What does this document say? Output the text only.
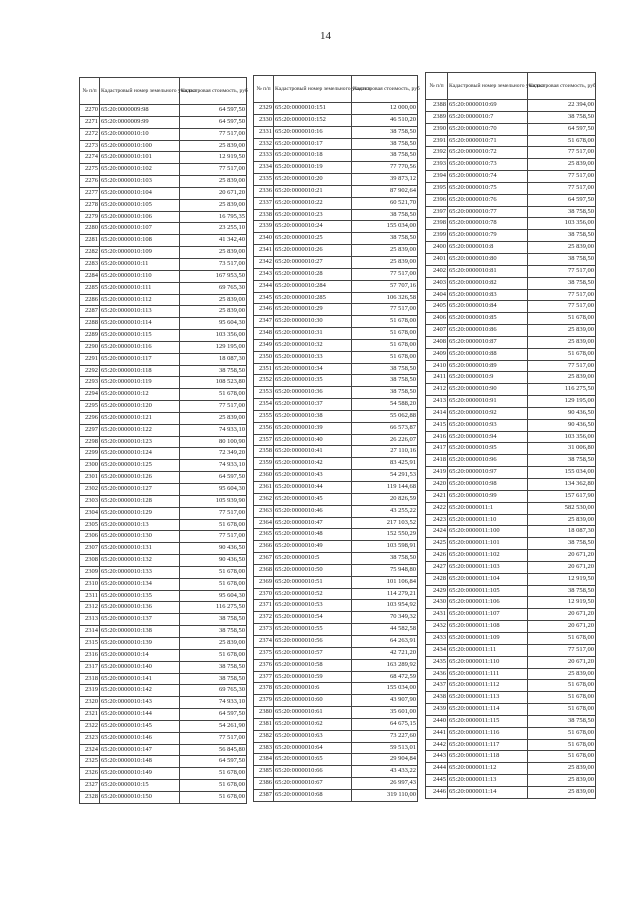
14
№ п/п	Кадастровый номер земельного участка	Кадастровая стоимость, руб
2270	65:20:0000009:98	64 597,50
2271	65:20:0000009:99	64 597,50
2272	65:20:0000010:10	77 517,00
2273	65:20:0000010:100	25 839,00
2274	65:20:0000010:101	12 919,50
2275	65:20:0000010:102	77 517,00
2276	65:20:0000010:103	25 839,00
2277	65:20:0000010:104	20 671,20
2278	65:20:0000010:105	25 839,00
2279	65:20:0000010:106	16 795,35
2280	65:20:0000010:107	23 255,10
2281	65:20:0000010:108	41 342,40
2282	65:20:0000010:109	25 839,00
2283	65:20:0000010:11	73 517,00
2284	65:20:0000010:110	167 953,50
2285	65:20:0000010:111	69 765,30
2286	65:20:0000010:112	25 839,00
2287	65:20:0000010:113	25 839,00
2288	65:20:0000010:114	95 604,30
2289	65:20:0000010:115	103 356,00
2290	65:20:0000010:116	129 195,00
2291	65:20:0000010:117	18 087,30
2292	65:20:0000010:118	38 758,50
2293	65:20:0000010:119	108 523,80
2294	65:20:0000010:12	51 678,00
2295	65:20:0000010:120	77 517,00
2296	65:20:0000010:121	25 839,00
2297	65:20:0000010:122	74 933,10
2298	65:20:0000010:123	80 100,90
2299	65:20:0000010:124	72 349,20
2300	65:20:0000010:125	74 933,10
2301	65:20:0000010:126	64 597,50
2302	65:20:0000010:127	95 604,30
2303	65:20:0000010:128	105 939,90
2304	65:20:0000010:129	77 517,00
2305	65:20:0000010:13	51 678,00
2306	65:20:0000010:130	77 517,00
2307	65:20:0000010:131	90 436,50
2308	65:20:0000010:132	90 436,50
2309	65:20:0000010:133	51 678,00
2310	65:20:0000010:134	51 678,00
2311	65:20:0000010:135	95 604,30
2312	65:20:0000010:136	116 275,50
2313	65:20:0000010:137	38 758,50
2314	65:20:0000010:138	38 758,50
2315	65:20:0000010:139	25 839,00
2316	65:20:0000010:14	51 678,00
2317	65:20:0000010:140	38 758,50
2318	65:20:0000010:141	38 758,50
2319	65:20:0000010:142	69 765,30
2320	65:20:0000010:143	74 933,10
2321	65:20:0000010:144	64 597,50
2322	65:20:0000010:145	54 261,90
2323	65:20:0000010:146	77 517,00
2324	65:20:0000010:147	56 845,80
2325	65:20:0000010:148	64 597,50
2326	65:20:0000010:149	51 678,00
2327	65:20:0000010:15	51 678,00
2328	65:20:0000010:150	51 678,00
№ п/п	Кадастровый номер земельного участка	Кадастровая стоимость, руб
2329	65:20:0000010:151	12 000,00
2330	65:20:0000010:152	46 510,20
2331	65:20:0000010:16	38 758,50
2332	65:20:0000010:17	38 758,50
2333	65:20:0000010:18	38 758,50
2334	65:20:0000010:19	77 770,56
2335	65:20:0000010:20	39 873,12
2336	65:20:0000010:21	87 902,64
2337	65:20:0000010:22	60 521,70
2338	65:20:0000010:23	38 758,50
2339	65:20:0000010:24	155 034,00
2340	65:20:0000010:25	38 758,50
2341	65:20:0000010:26	25 839,00
2342	65:20:0000010:27	25 839,00
2343	65:20:0000010:28	77 517,00
2344	65:20:0000010:284	57 707,16
2345	65:20:0000010:285	106 326,58
2346	65:20:0000010:29	77 517,00
2347	65:20:0000010:30	51 678,00
2348	65:20:0000010:31	51 678,00
2349	65:20:0000010:32	51 678,00
2350	65:20:0000010:33	51 678,00
2351	65:20:0000010:34	38 758,50
2352	65:20:0000010:35	38 758,50
2353	65:20:0000010:36	38 758,50
2354	65:20:0000010:37	54 588,20
2355	65:20:0000010:38	55 062,88
2356	65:20:0000010:39	66 573,87
2357	65:20:0000010:40	26 226,07
2358	65:20:0000010:41	27 110,16
2359	65:20:0000010:42	83 425,91
2360	65:20:0000010:43	54 291,53
2361	65:20:0000010:44	119 144,68
2362	65:20:0000010:45	20 826,59
2363	65:20:0000010:46	43 255,22
2364	65:20:0000010:47	217 103,52
2365	65:20:0000010:48	152 550,29
2366	65:20:0000010:49	103 598,91
2367	65:20:0000010:5	38 758,50
2368	65:20:0000010:50	75 948,80
2369	65:20:0000010:51	101 106,84
2370	65:20:0000010:52	114 279,21
2371	65:20:0000010:53	103 954,92
2372	65:20:0000010:54	70 349,32
2373	65:20:0000010:55	44 582,58
2374	65:20:0000010:56	64 263,91
2375	65:20:0000010:57	42 721,20
2376	65:20:0000010:58	163 289,92
2377	65:20:0000010:59	68 472,59
2378	65:20:0000010:6	155 034,00
2379	65:20:0000010:60	43 907,90
2380	65:20:0000010:61	35 601,00
2381	65:20:0000010:62	64 675,15
2382	65:20:0000010:63	73 227,60
2383	65:20:0000010:64	59 513,01
2384	65:20:0000010:65	29 904,84
2385	65:20:0000010:66	43 433,22
2386	65:20:0000010:67	26 997,43
2387	65:20:0000010:68	319 110,00
№ п/п	Кадастровый номер земельного участка	Кадастровая стоимость, руб
2388	65:20:0000010:69	22 394,00
2389	65:20:0000010:7	38 758,50
2390	65:20:0000010:70	64 597,50
2391	65:20:0000010:71	51 678,00
2392	65:20:0000010:72	77 517,00
2393	65:20:0000010:73	25 839,00
2394	65:20:0000010:74	77 517,00
2395	65:20:0000010:75	77 517,00
2396	65:20:0000010:76	64 597,50
2397	65:20:0000010:77	38 758,50
2398	65:20:0000010:78	103 356,00
2399	65:20:0000010:79	38 758,50
2400	65:20:0000010:8	25 839,00
2401	65:20:0000010:80	38 758,50
2402	65:20:0000010:81	77 517,00
2403	65:20:0000010:82	38 758,50
2404	65:20:0000010:83	77 517,00
2405	65:20:0000010:84	77 517,00
2406	65:20:0000010:85	51 678,00
2407	65:20:0000010:86	25 839,00
2408	65:20:0000010:87	25 839,00
2409	65:20:0000010:88	51 678,00
2410	65:20:0000010:89	77 517,00
2411	65:20:0000010:9	25 839,00
2412	65:20:0000010:90	116 275,50
2413	65:20:0000010:91	129 195,00
2414	65:20:0000010:92	90 436,50
2415	65:20:0000010:93	90 436,50
2416	65:20:0000010:94	103 356,00
2417	65:20:0000010:95	31 006,80
2418	65:20:0000010:96	38 758,50
2419	65:20:0000010:97	155 034,00
2420	65:20:0000010:98	134 362,80
2421	65:20:0000010:99	157 617,90
2422	65:20:0000011:1	582 530,00
2423	65:20:0000011:10	25 839,00
2424	65:20:0000011:100	18 087,30
2425	65:20:0000011:101	38 758,50
2426	65:20:0000011:102	20 671,20
2427	65:20:0000011:103	20 671,20
2428	65:20:0000011:104	12 919,50
2429	65:20:0000011:105	38 758,50
2430	65:20:0000011:106	12 919,50
2431	65:20:0000011:107	20 671,20
2432	65:20:0000011:108	20 671,20
2433	65:20:0000011:109	51 678,00
2434	65:20:0000011:11	77 517,00
2435	65:20:0000011:110	20 671,20
2436	65:20:0000011:111	25 839,00
2437	65:20:0000011:112	51 678,00
2438	65:20:0000011:113	51 678,00
2439	65:20:0000011:114	51 678,00
2440	65:20:0000011:115	38 758,50
2441	65:20:0000011:116	51 678,00
2442	65:20:0000011:117	51 678,00
2443	65:20:0000011:118	51 678,00
2444	65:20:0000011:12	25 839,00
2445	65:20:0000011:13	25 839,00
2446	65:20:0000011:14	25 839,00
